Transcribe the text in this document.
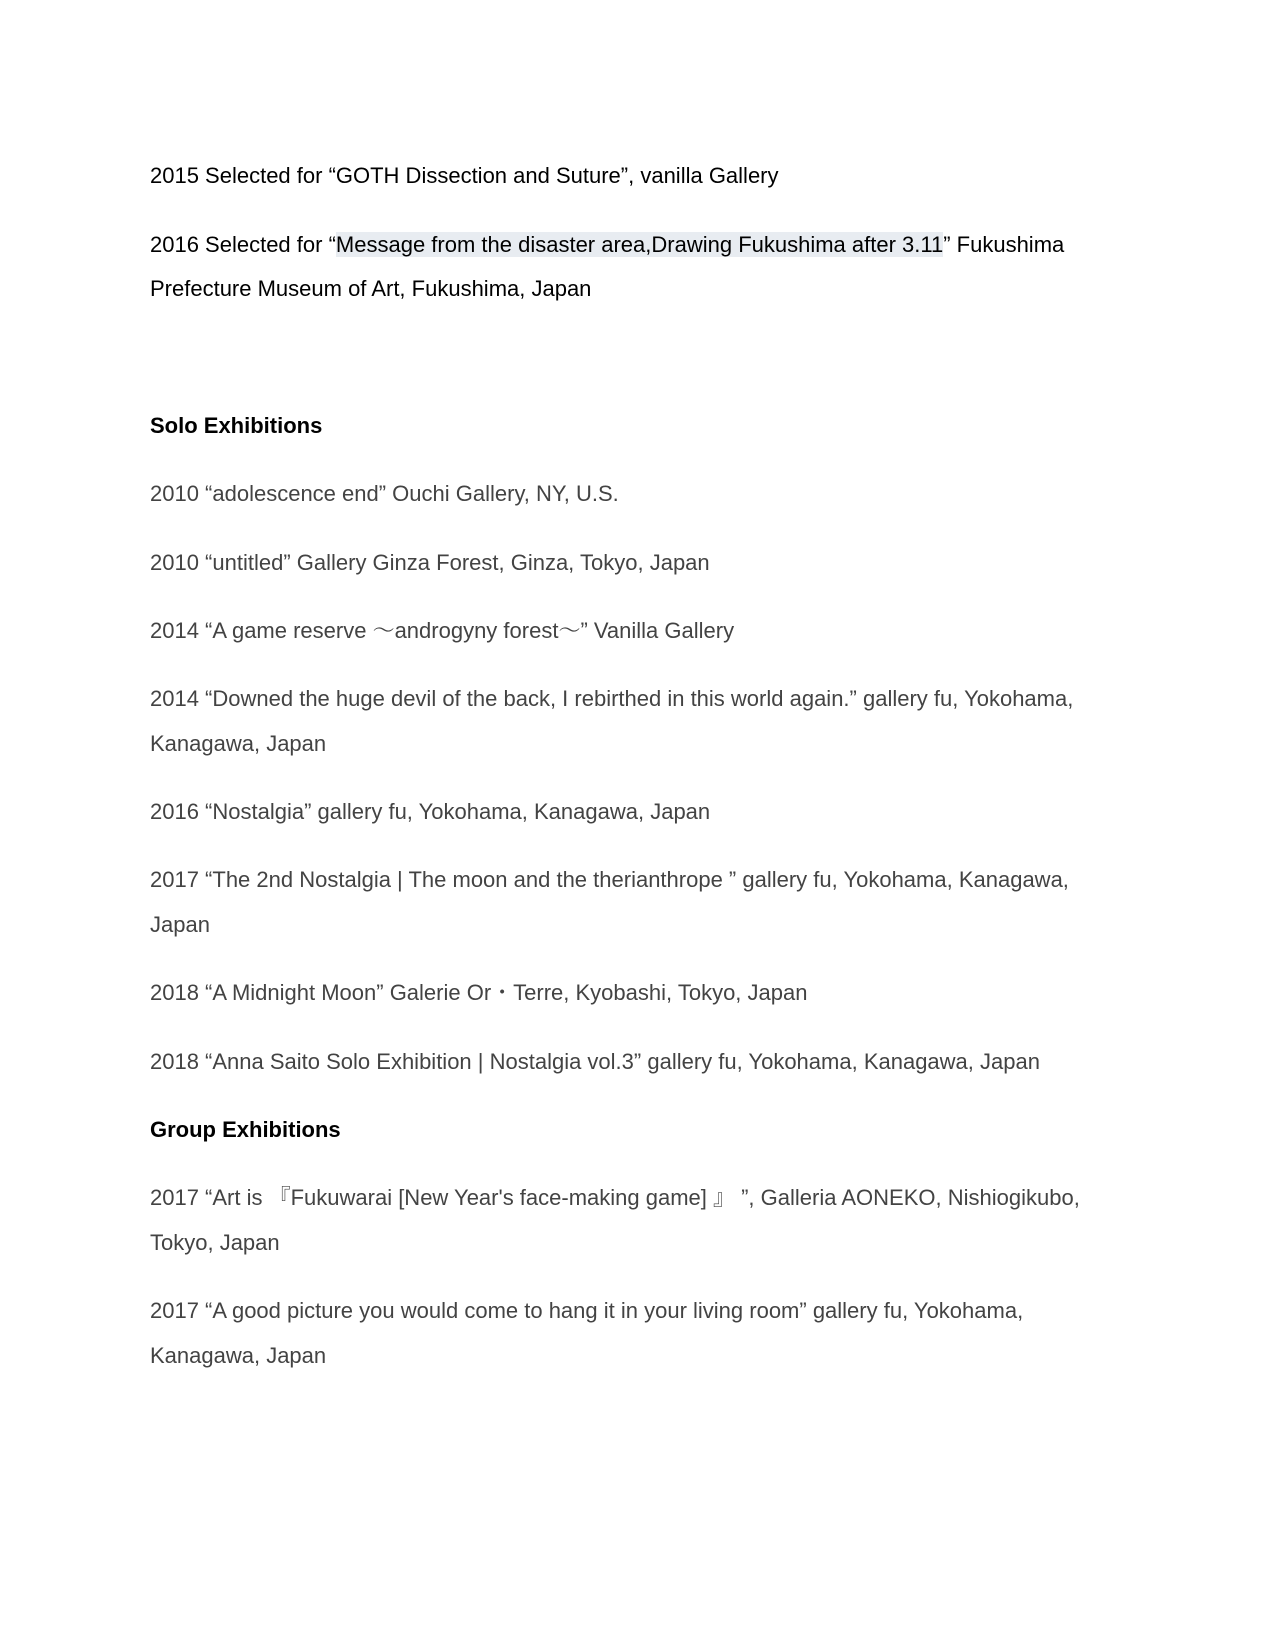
2015 Selected for “GOTH Dissection and Suture”, vanilla Gallery

2016 Selected for “Message from the disaster area,Drawing Fukushima after 3.11” Fukushima

Prefecture Museum of Art, Fukushima, Japan

Solo Exhibitions

2010 “adolescence end” Ouchi Gallery, NY, U.S.

2010 “untitled” Gallery Ginza Forest, Ginza, Tokyo, Japan

2014 “A game reserve ～androgyny forest～” Vanilla Gallery

2014 “Downed the huge devil of the back, I rebirthed in this world again.” gallery fu, Yokohama,

Kanagawa, Japan

2016 “Nostalgia” gallery fu, Yokohama, Kanagawa, Japan

2017 “The 2nd Nostalgia | The moon and the therianthrope ” gallery fu, Yokohama, Kanagawa,

Japan

2018 “A Midnight Moon” Galerie Or・Terre, Kyobashi, Tokyo, Japan

2018 “Anna Saito Solo Exhibition | Nostalgia vol.3” gallery fu, Yokohama, Kanagawa, Japan

Group Exhibitions

2017 “Art is 『Fukuwarai [New Year's face-making game] 』 ”, Galleria AONEKO, Nishiogikubo,

Tokyo, Japan

2017 “A good picture you would come to hang it in your living room” gallery fu, Yokohama,

Kanagawa, Japan
